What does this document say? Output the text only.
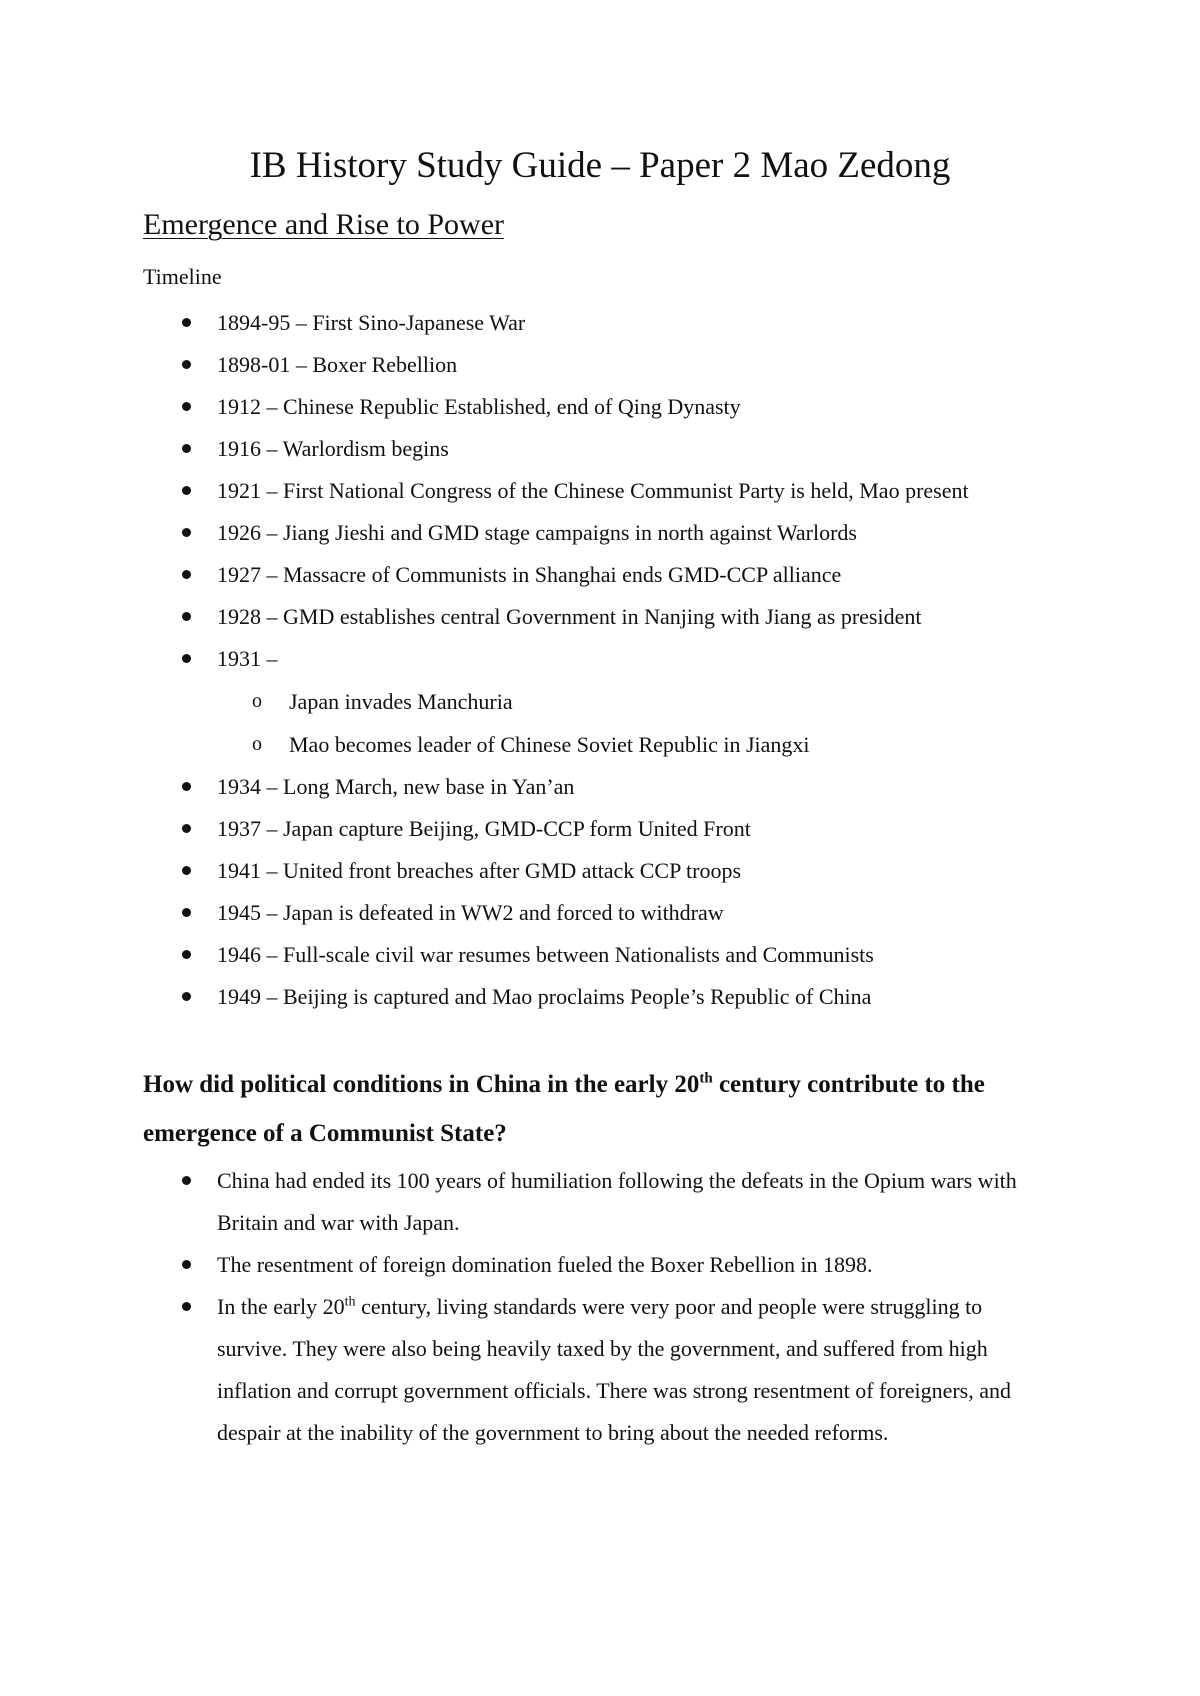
IB History Study Guide – Paper 2 Mao Zedong
Emergence and Rise to Power

Timeline

1894-95 – First Sino-Japanese War
1898-01 – Boxer Rebellion
1912 – Chinese Republic Established, end of Qing Dynasty
1916 – Warlordism begins
1921 – First National Congress of the Chinese Communist Party is held, Mao present
1926 – Jiang Jieshi and GMD stage campaigns in north against Warlords
1927 – Massacre of Communists in Shanghai ends GMD-CCP alliance
1928 – GMD establishes central Government in Nanjing with Jiang as president
1931 –
o Japan invades Manchuria
o Mao becomes leader of Chinese Soviet Republic in Jiangxi
1934 – Long March, new base in Yan’an
1937 – Japan capture Beijing, GMD-CCP form United Front
1941 – United front breaches after GMD attack CCP troops
1945 – Japan is defeated in WW2 and forced to withdraw
1946 – Full-scale civil war resumes between Nationalists and Communists
1949 – Beijing is captured and Mao proclaims People’s Republic of China

How did political conditions in China in the early 20th century contribute to the emergence of a Communist State?

China had ended its 100 years of humiliation following the defeats in the Opium wars with Britain and war with Japan.
The resentment of foreign domination fueled the Boxer Rebellion in 1898.
In the early 20th century, living standards were very poor and people were struggling to survive. They were also being heavily taxed by the government, and suffered from high inflation and corrupt government officials. There was strong resentment of foreigners, and despair at the inability of the government to bring about the needed reforms.
